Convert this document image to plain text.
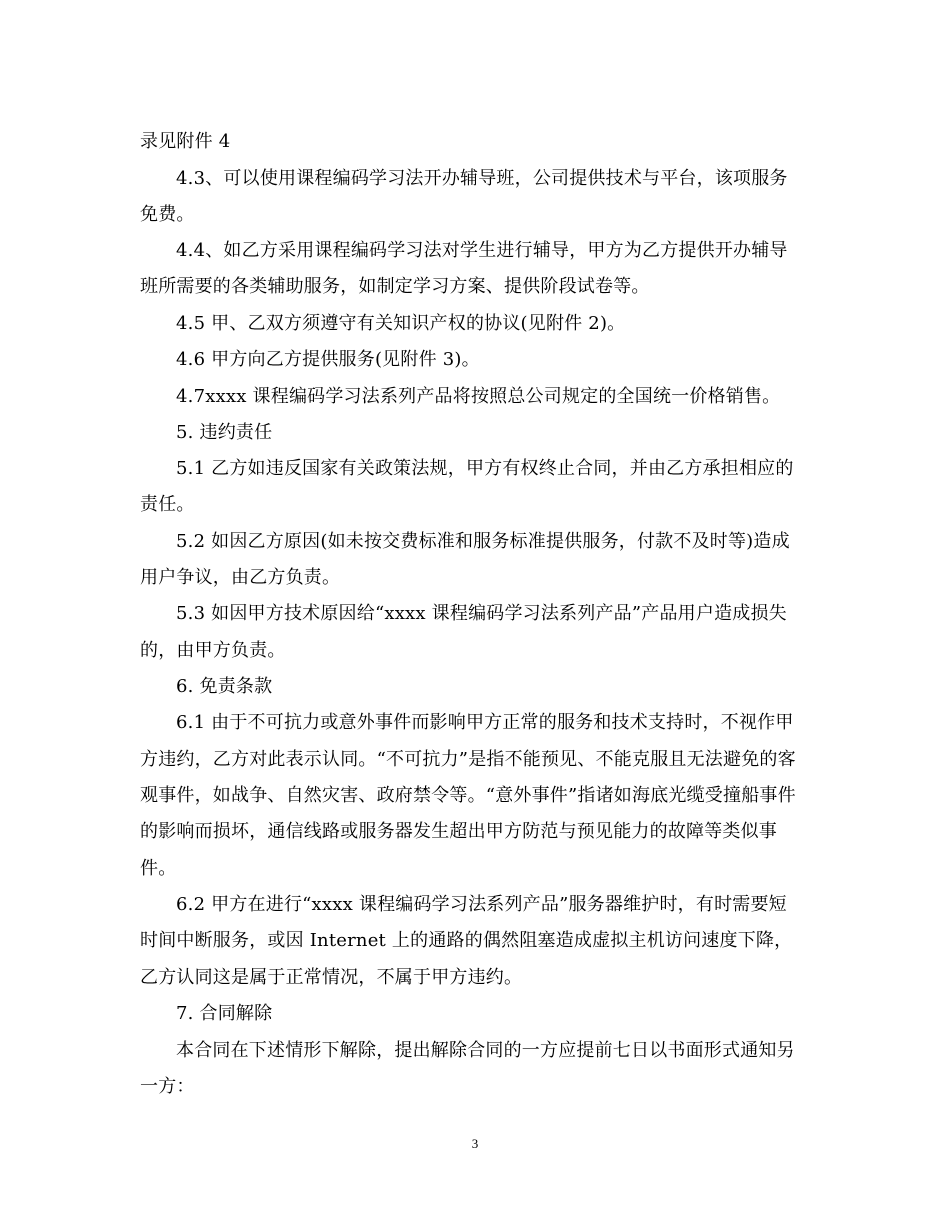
录见附件 4
4.3、可以使用课程编码学习法开办辅导班，公司提供技术与平台，该项服务
免费。
4.4、如乙方采用课程编码学习法对学生进行辅导，甲方为乙方提供开办辅导
班所需要的各类辅助服务，如制定学习方案、提供阶段试卷等。
4.5 甲、乙双方须遵守有关知识产权的协议(见附件 2)。
4.6 甲方向乙方提供服务(见附件 3)。
4.7xxxx 课程编码学习法系列产品将按照总公司规定的全国统一价格销售。
5. 违约责任
5.1 乙方如违反国家有关政策法规，甲方有权终止合同，并由乙方承担相应的
责任。
5.2 如因乙方原因(如未按交费标准和服务标准提供服务，付款不及时等)造成
用户争议，由乙方负责。
5.3 如因甲方技术原因给“xxxx 课程编码学习法系列产品”产品用户造成损失
的，由甲方负责。
6. 免责条款
6.1 由于不可抗力或意外事件而影响甲方正常的服务和技术支持时，不视作甲
方违约，乙方对此表示认同。“不可抗力”是指不能预见、不能克服且无法避免的客
观事件，如战争、自然灾害、政府禁令等。“意外事件”指诸如海底光缆受撞船事件
的影响而损坏，通信线路或服务器发生超出甲方防范与预见能力的故障等类似事
件。
6.2 甲方在进行“xxxx 课程编码学习法系列产品”服务器维护时，有时需要短
时间中断服务，或因 Internet 上的通路的偶然阻塞造成虚拟主机访问速度下降，
乙方认同这是属于正常情况，不属于甲方违约。
7. 合同解除
本合同在下述情形下解除，提出解除合同的一方应提前七日以书面形式通知另
一方：
3
